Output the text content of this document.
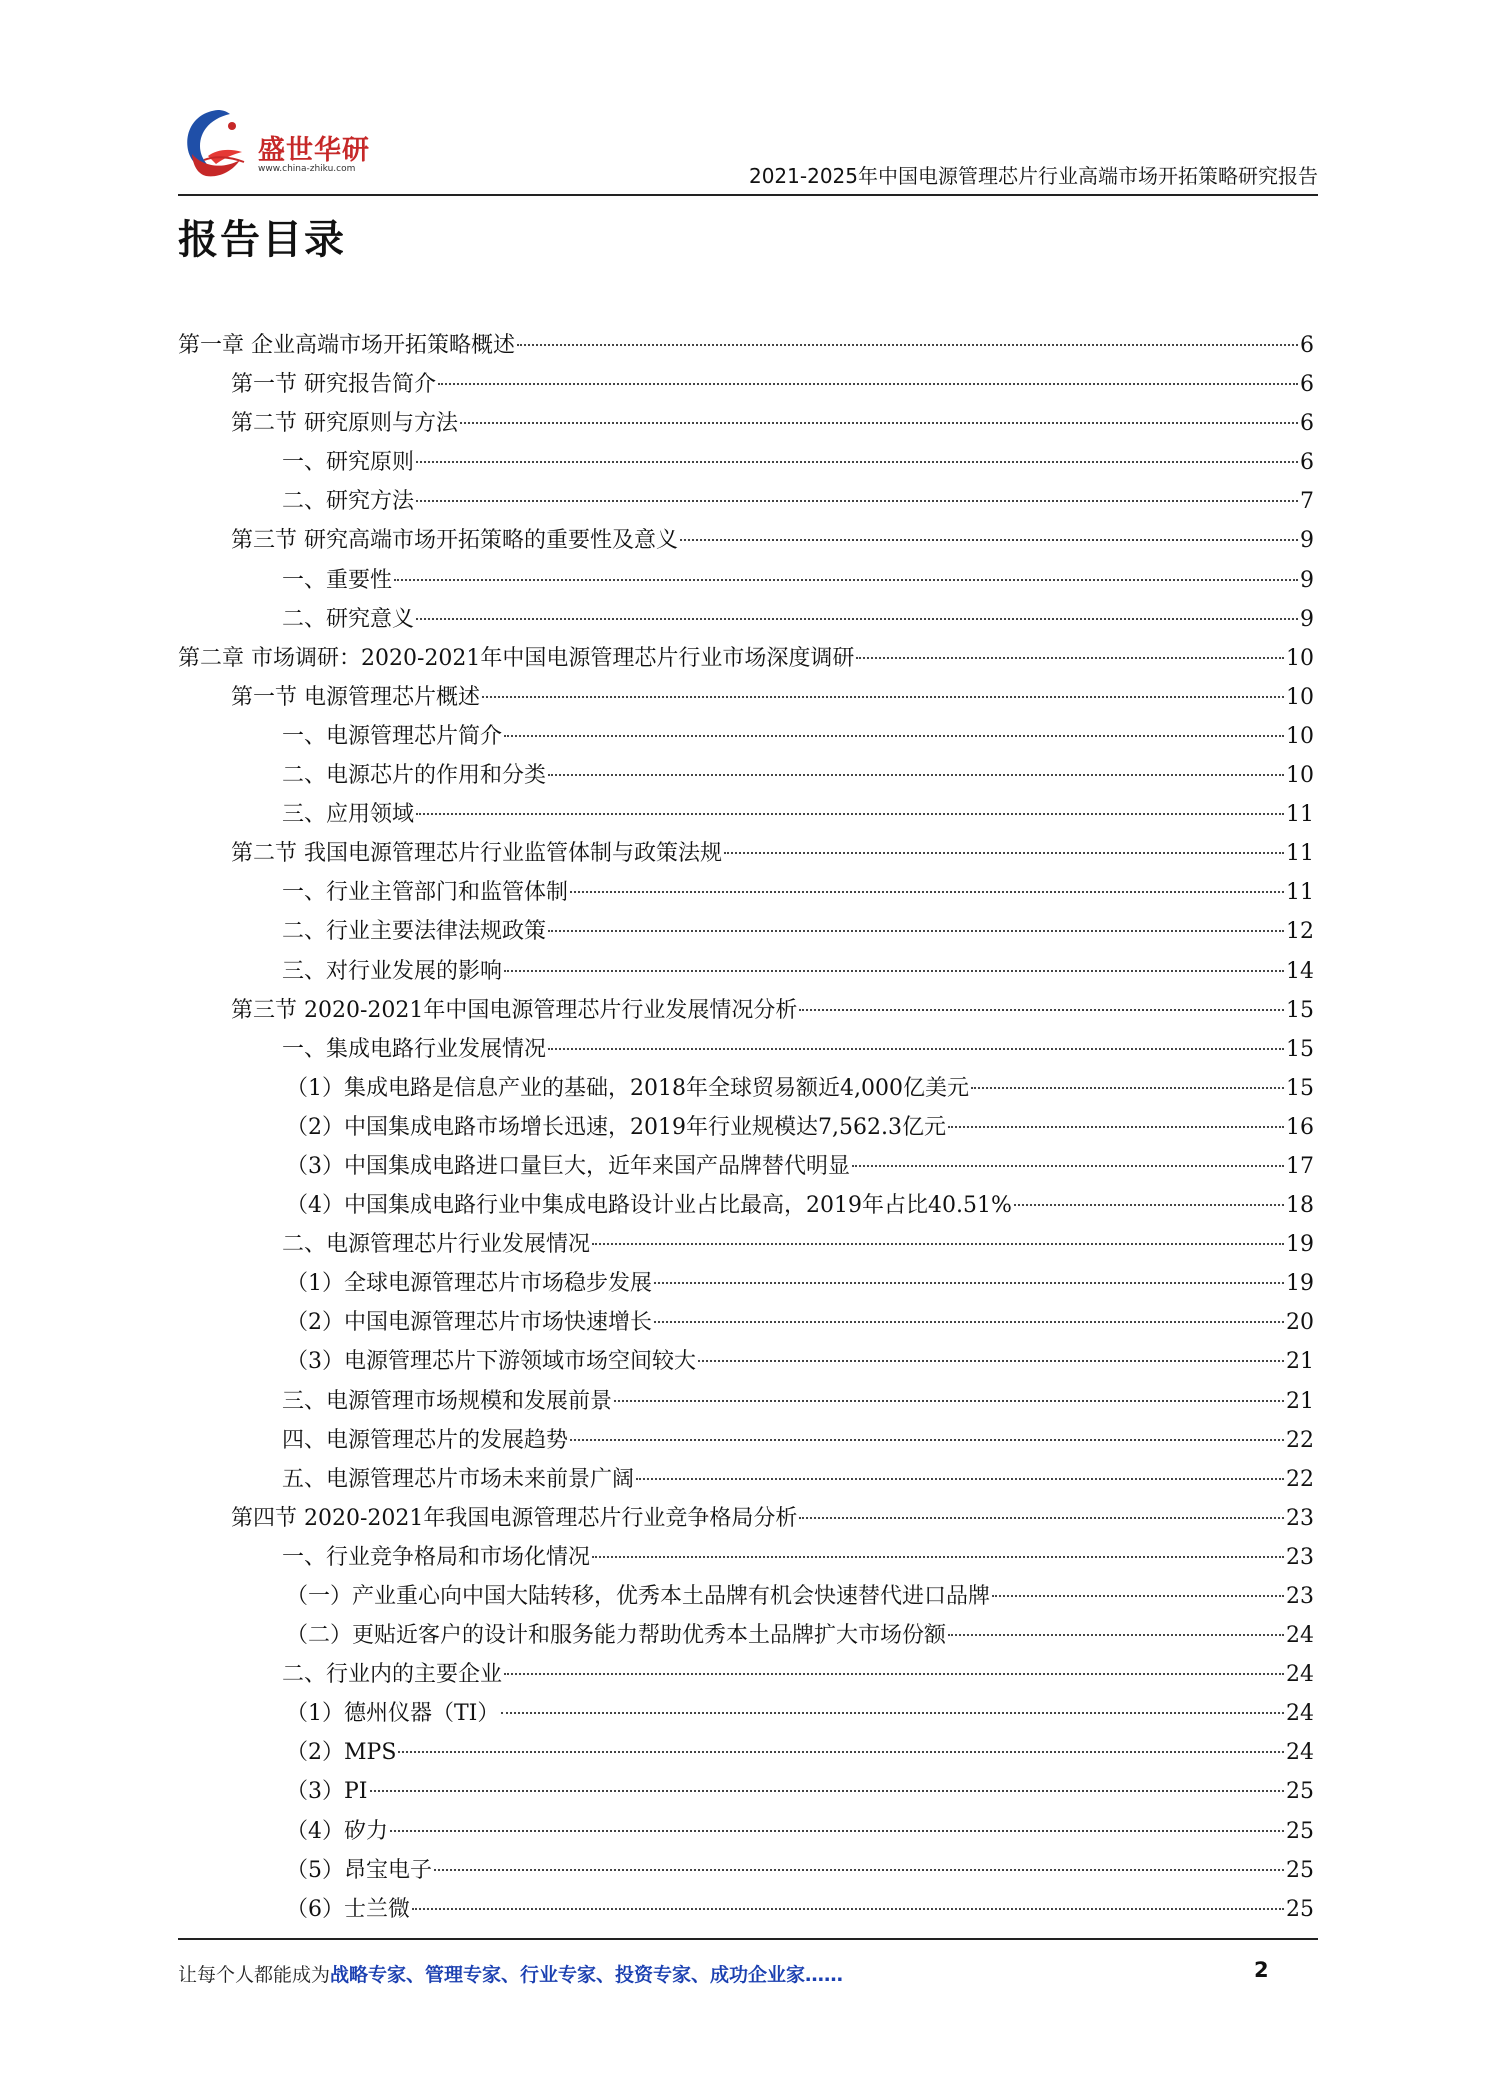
盛世华研
www.china-zhiku.com	2021-2025年中国电源管理芯片行业高端市场开拓策略研究报告
报告目录
第一章 企业高端市场开拓策略概述	6
第一节 研究报告简介	6
第二节 研究原则与方法	6
一、研究原则	6
二、研究方法	7
第三节 研究高端市场开拓策略的重要性及意义	9
一、重要性	9
二、研究意义	9
第二章 市场调研：2020-2021年中国电源管理芯片行业市场深度调研	10
第一节 电源管理芯片概述	10
一、电源管理芯片简介	10
二、电源芯片的作用和分类	10
三、应用领域	11
第二节 我国电源管理芯片行业监管体制与政策法规	11
一、行业主管部门和监管体制	11
二、行业主要法律法规政策	12
三、对行业发展的影响	14
第三节 2020-2021年中国电源管理芯片行业发展情况分析	15
一、集成电路行业发展情况	15
（1）集成电路是信息产业的基础，2018年全球贸易额近4,000亿美元	15
（2）中国集成电路市场增长迅速，2019年行业规模达7,562.3亿元	16
（3）中国集成电路进口量巨大，近年来国产品牌替代明显	17
（4）中国集成电路行业中集成电路设计业占比最高，2019年占比40.51%	18
二、电源管理芯片行业发展情况	19
（1）全球电源管理芯片市场稳步发展	19
（2）中国电源管理芯片市场快速增长	20
（3）电源管理芯片下游领域市场空间较大	21
三、电源管理市场规模和发展前景	21
四、电源管理芯片的发展趋势	22
五、电源管理芯片市场未来前景广阔	22
第四节 2020-2021年我国电源管理芯片行业竞争格局分析	23
一、行业竞争格局和市场化情况	23
（一）产业重心向中国大陆转移，优秀本土品牌有机会快速替代进口品牌	23
（二）更贴近客户的设计和服务能力帮助优秀本土品牌扩大市场份额	24
二、行业内的主要企业	24
（1）德州仪器（TI）	24
（2）MPS	24
（3）PI	25
（4）矽力	25
（5）昂宝电子	25
（6）士兰微	25
让每个人都能成为战略专家、管理专家、行业专家、投资专家、成功企业家……	2
